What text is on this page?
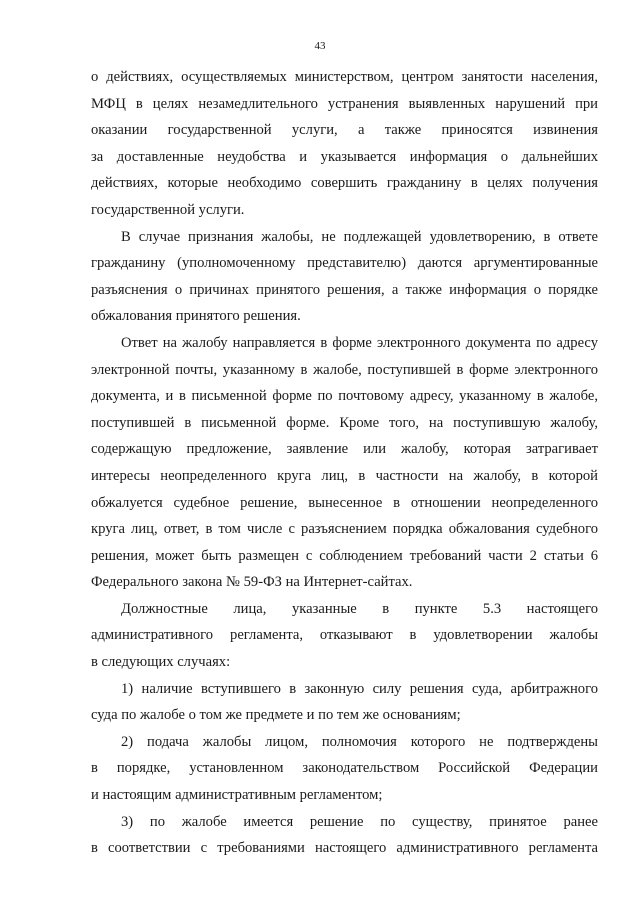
43
о действиях, осуществляемых министерством, центром занятости населения,
МФЦ в целях незамедлительного устранения выявленных нарушений при
оказании государственной услуги, а также приносятся извинения
за доставленные неудобства и указывается информация о дальнейших
действиях, которые необходимо совершить гражданину в целях получения
государственной услуги.
В случае признания жалобы, не подлежащей удовлетворению, в ответе
гражданину (уполномоченному представителю) даются аргументированные
разъяснения о причинах принятого решения, а также информация о порядке
обжалования принятого решения.
Ответ на жалобу направляется в форме электронного документа по адресу
электронной почты, указанному в жалобе, поступившей в форме электронного
документа, и в письменной форме по почтовому адресу, указанному в жалобе,
поступившей в письменной форме. Кроме того, на поступившую жалобу,
содержащую предложение, заявление или жалобу, которая затрагивает
интересы неопределенного круга лиц, в частности на жалобу, в которой
обжалуется судебное решение, вынесенное в отношении неопределенного
круга лиц, ответ, в том числе с разъяснением порядка обжалования судебного
решения, может быть размещен с соблюдением требований части 2 статьи 6
Федерального закона № 59-ФЗ на Интернет-сайтах.
Должностные лица, указанные в пункте 5.3 настоящего
административного регламента, отказывают в удовлетворении жалобы
в следующих случаях:
1) наличие вступившего в законную силу решения суда, арбитражного
суда по жалобе о том же предмете и по тем же основаниям;
2) подача жалобы лицом, полномочия которого не подтверждены
в порядке, установленном законодательством Российской Федерации
и настоящим административным регламентом;
3) по жалобе имеется решение по существу, принятое ранее
в соответствии с требованиями настоящего административного регламента
